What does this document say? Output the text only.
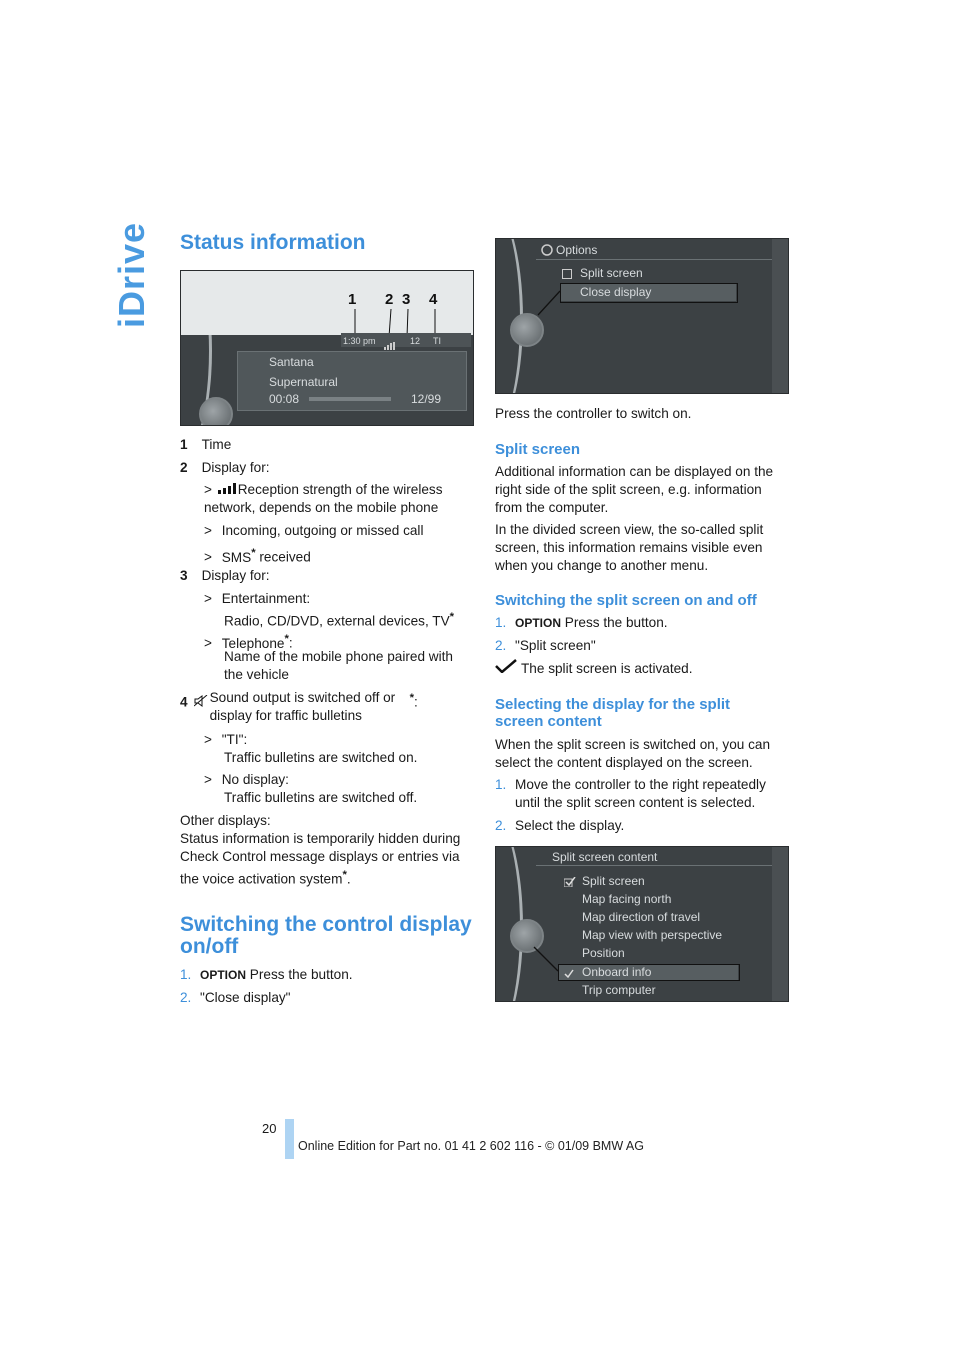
iDrive Status information
1 2 3 4
1:30 pm	12 TI
Santana
Supernatural
00:08	12/99
1 Time
2 Display for:
> Reception strength of the wireless network, depends on the mobile phone
> Incoming, outgoing or missed call
> SMS* received
3 Display for:
> Entertainment:
Radio, CD/DVD, external devices, TV*
> Telephone*:
Name of the mobile phone paired with the vehicle
4 Sound output is switched off or display for traffic bulletins*:
> "TI":
Traffic bulletins are switched on.
> No display:
Traffic bulletins are switched off.
Other displays:
Status information is temporarily hidden during Check Control message displays or entries via the voice activation system*.
Switching the control display
on/off
1. OPTION Press the button.
2. "Close display"
Options
Split screen
Close display
Press the controller to switch on.
Split screen
Additional information can be displayed on the right side of the split screen, e.g. information from the computer.
In the divided screen view, the so-called split screen, this information remains visible even when you change to another menu.
Switching the split screen on and off
1. OPTION Press the button.
2. "Split screen"
The split screen is activated.
Selecting the display for the split
screen content
When the split screen is switched on, you can select the content displayed on the screen.
1. Move the controller to the right repeatedly until the split screen content is selected.
2. Select the display.
Split screen content
Split screen
Map facing north
Map direction of travel
Map view with perspective
Position
Onboard info
Trip computer
20
Online Edition for Part no. 01 41 2 602 116 - © 01/09 BMW AG
